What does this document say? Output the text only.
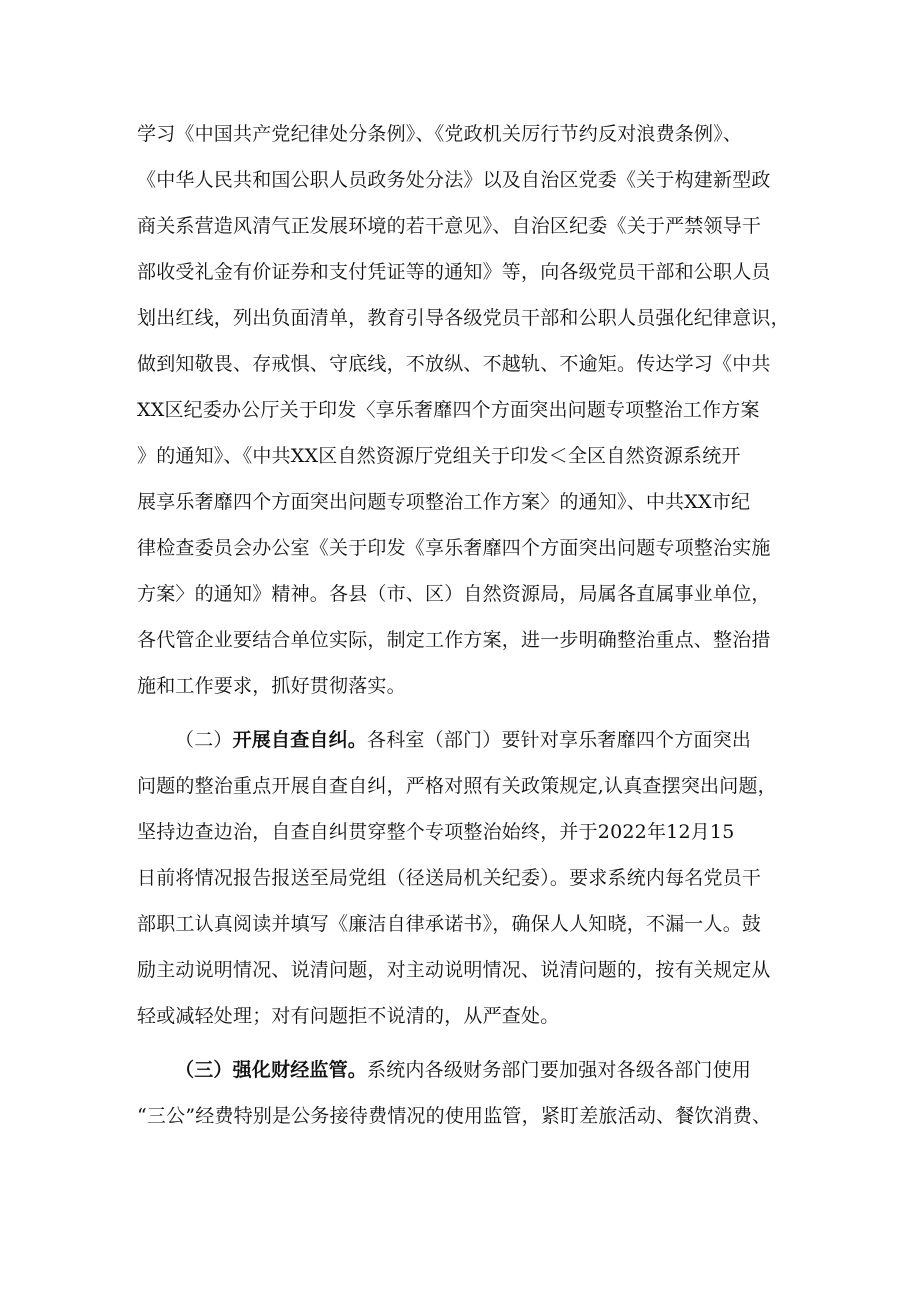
学习《中国共产党纪律处分条例》、《党政机关厉行节约反对浪费条例》、
《中华人民共和国公职人员政务处分法》以及自治区党委《关于构建新型政
商关系营造风清气正发展环境的若干意见》、自治区纪委《关于严禁领导干
部收受礼金有价证券和支付凭证等的通知》等，向各级党员干部和公职人员
划出红线，列出负面清单，教育引导各级党员干部和公职人员强化纪律意识，
做到知敬畏、存戒惧、守底线，不放纵、不越轨、不逾矩。传达学习《中共
XX区纪委办公厅关于印发〈享乐奢靡四个方面突出问题专项整治工作方案
》的通知》、《中共XX区自然资源厅党组关于印发＜全区自然资源系统开
展享乐奢靡四个方面突出问题专项整治工作方案〉的通知》、中共XX市纪
律检查委员会办公室《关于印发《享乐奢靡四个方面突出问题专项整治实施
方案〉的通知》精神。各县（市、区）自然资源局，局属各直属事业单位，
各代管企业要结合单位实际，制定工作方案，进一步明确整治重点、整治措
施和工作要求，抓好贯彻落实。
（二）开展自查自纠。各科室（部门）要针对享乐奢靡四个方面突出
问题的整治重点开展自查自纠，严格对照有关政策规定,认真查摆突出问题，
坚持边查边治，自查自纠贯穿整个专项整治始终，并于2022年12月15
日前将情况报告报送至局党组（径送局机关纪委）。要求系统内每名党员干
部职工认真阅读并填写《廉洁自律承诺书》，确保人人知晓，不漏一人。鼓
励主动说明情况、说清问题，对主动说明情况、说清问题的，按有关规定从
轻或减轻处理；对有问题拒不说清的，从严查处。
（三）强化财经监管。系统内各级财务部门要加强对各级各部门使用
“三公”经费特别是公务接待费情况的使用监管，紧盯差旅活动、餐饮消费、
